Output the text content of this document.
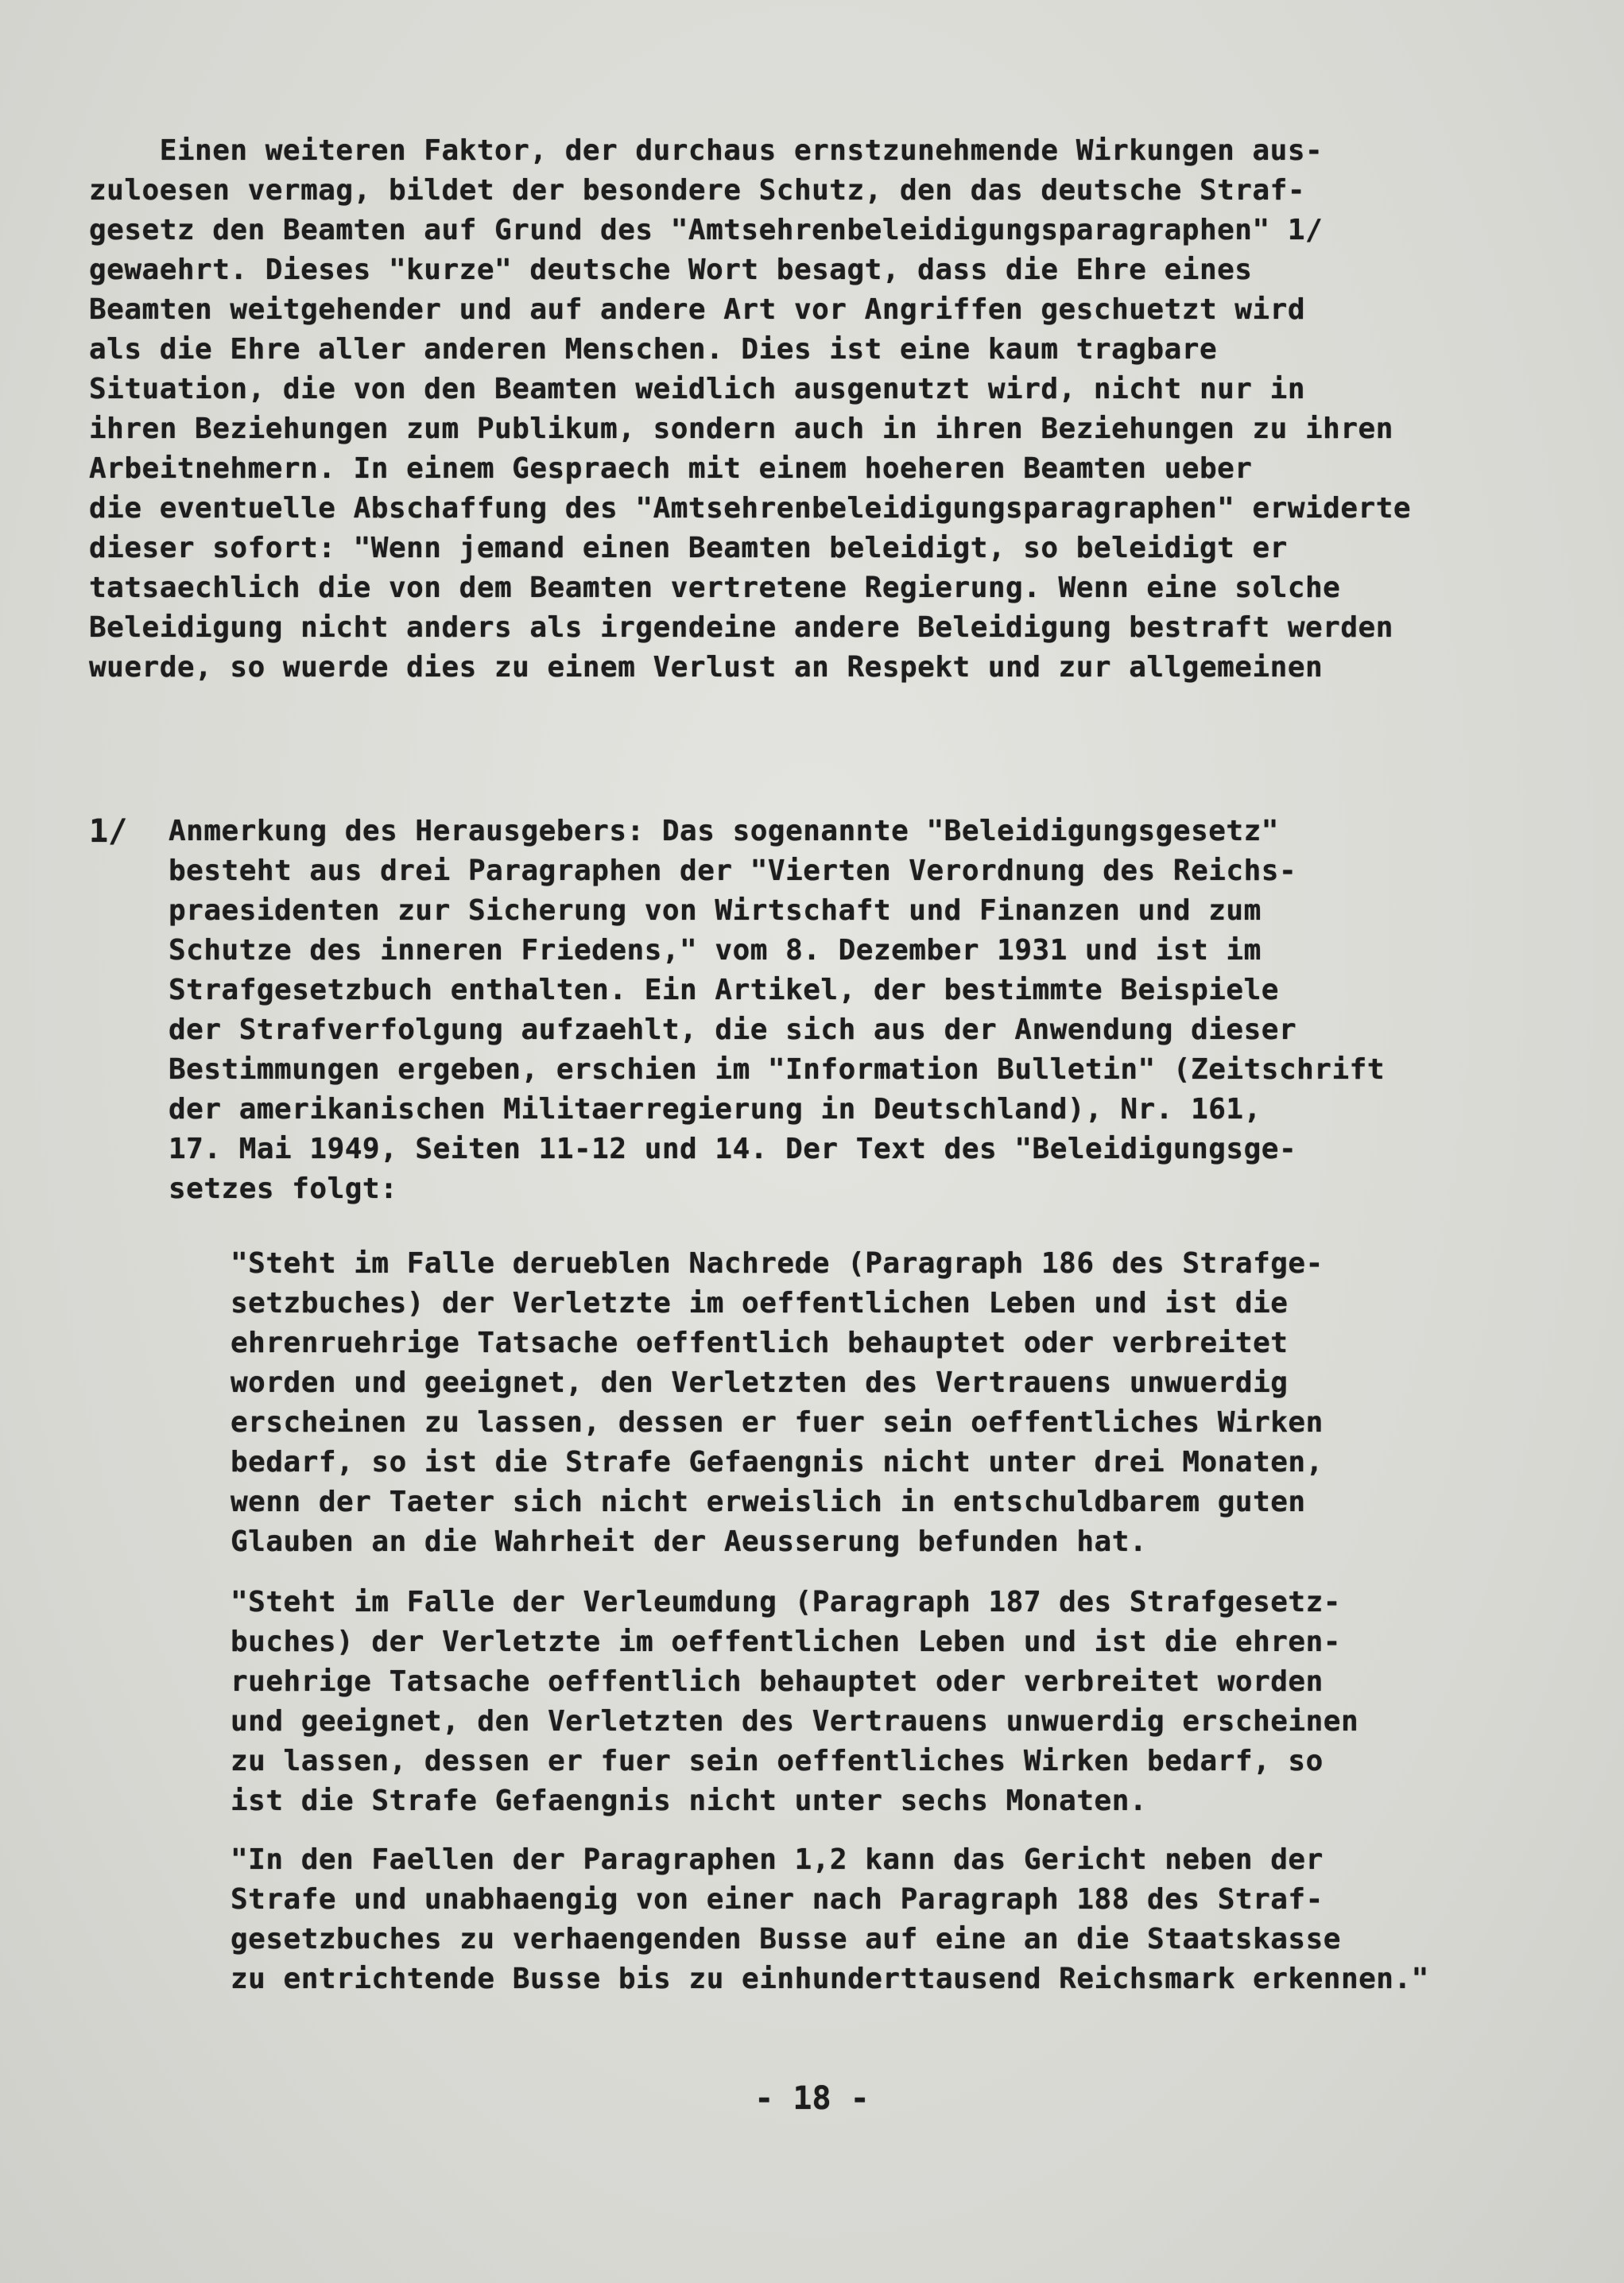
Einen weiteren Faktor, der durchaus ernstzunehmende Wirkungen aus-
zuloesen vermag, bildet der besondere Schutz, den das deutsche Straf-
gesetz den Beamten auf Grund des "Amtsehrenbeleidigungsparagraphen" 1/
gewaehrt. Dieses "kurze" deutsche Wort besagt, dass die Ehre eines
Beamten weitgehender und auf andere Art vor Angriffen geschuetzt wird
als die Ehre aller anderen Menschen. Dies ist eine kaum tragbare
Situation, die von den Beamten weidlich ausgenutzt wird, nicht nur in
ihren Beziehungen zum Publikum, sondern auch in ihren Beziehungen zu ihren
Arbeitnehmern. In einem Gespraech mit einem hoeheren Beamten ueber
die eventuelle Abschaffung des "Amtsehrenbeleidigungsparagraphen" erwiderte
dieser sofort: "Wenn jemand einen Beamten beleidigt, so beleidigt er
tatsaechlich die von dem Beamten vertretene Regierung. Wenn eine solche
Beleidigung nicht anders als irgendeine andere Beleidigung bestraft werden
wuerde, so wuerde dies zu einem Verlust an Respekt und zur allgemeinen
1/ Anmerkung des Herausgebers: Das sogenannte "Beleidigungsgesetz"
besteht aus drei Paragraphen der "Vierten Verordnung des Reichs-
praesidenten zur Sicherung von Wirtschaft und Finanzen und zum
Schutze des inneren Friedens," vom 8. Dezember 1931 und ist im
Strafgesetzbuch enthalten. Ein Artikel, der bestimmte Beispiele
der Strafverfolgung aufzaehlt, die sich aus der Anwendung dieser
Bestimmungen ergeben, erschien im "Information Bulletin" (Zeitschrift
der amerikanischen Militaerregierung in Deutschland), Nr. 161,
17. Mai 1949, Seiten 11-12 und 14. Der Text des "Beleidigungsge-
setzes folgt:
"Steht im Falle derueblen Nachrede (Paragraph 186 des Strafge-
setzbuches) der Verletzte im oeffentlichen Leben und ist die
ehrenruehrige Tatsache oeffentlich behauptet oder verbreitet
worden und geeignet, den Verletzten des Vertrauens unwuerdig
erscheinen zu lassen, dessen er fuer sein oeffentliches Wirken
bedarf, so ist die Strafe Gefaengnis nicht unter drei Monaten,
wenn der Taeter sich nicht erweislich in entschuldbarem guten
Glauben an die Wahrheit der Aeusserung befunden hat.
"Steht im Falle der Verleumdung (Paragraph 187 des Strafgesetz-
buches) der Verletzte im oeffentlichen Leben und ist die ehren-
ruehrige Tatsache oeffentlich behauptet oder verbreitet worden
und geeignet, den Verletzten des Vertrauens unwuerdig erscheinen
zu lassen, dessen er fuer sein oeffentliches Wirken bedarf, so
ist die Strafe Gefaengnis nicht unter sechs Monaten.
"In den Faellen der Paragraphen 1,2 kann das Gericht neben der
Strafe und unabhaengig von einer nach Paragraph 188 des Straf-
gesetzbuches zu verhaengenden Busse auf eine an die Staatskasse
zu entrichtende Busse bis zu einhunderttausend Reichsmark erkennen."
- 18 -
